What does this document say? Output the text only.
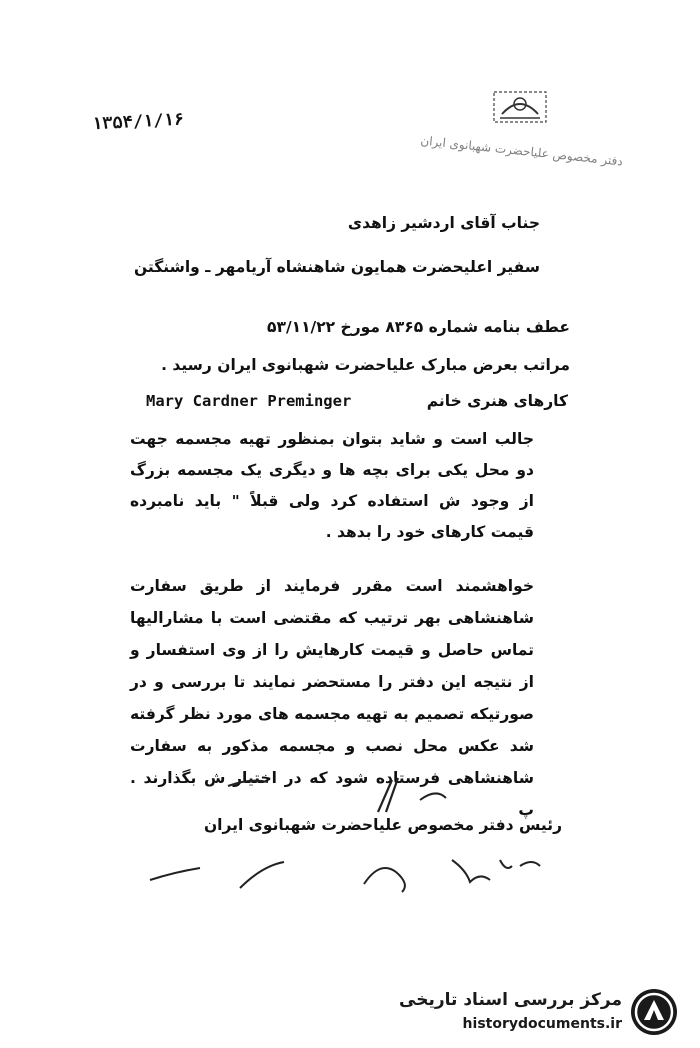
۱۳۵۴/۱/۱۶
دفتر مخصوص علیاحضرت شهبانوی ایران
جناب آقای اردشیر زاهدی
سفیر اعلیحضرت همایون شاهنشاه آریامهر ـ واشنگتن
عطف بنامه شماره ۸۳۶۵ مورخ ۵۳/۱۱/۲۲
مراتب بعرض مبارک علیاحضرت شهبانوی ایران رسید .
کارهای هنری خانم
Mary Cardner Preminger
جالب است و شاید بتوان بمنظور تهیه مجسمه جهت دو محل یکی برای بچه ها و دیگری یک مجسمه بزرگ از وجود ش استفاده کرد ولی قبلاً " باید نامبرده قیمت کارهای خود را بدهد .
خواهشمند است مقرر فرمایند از طریق سفارت شاهنشاهی بهر ترتیب که مقتضی است با مشارالیها تماس حاصل و قیمت کارهایش را از وی استفسار و از نتیجه این دفتر را مستحضر نمایند تا بررسی و در صورتیکه تصمیم به تهیه مجسمه های مورد نظر گرفته شد عکس محل نصب و مجسمه مذکور به سفارت شاهنشاهی فرستاده شود که در اختیار ش بگذارند . پ
رئیس دفتر مخصوص علیاحضرت شهبانوی ایران
مرکز بررسی اسناد تاریخی
historydocuments.ir
